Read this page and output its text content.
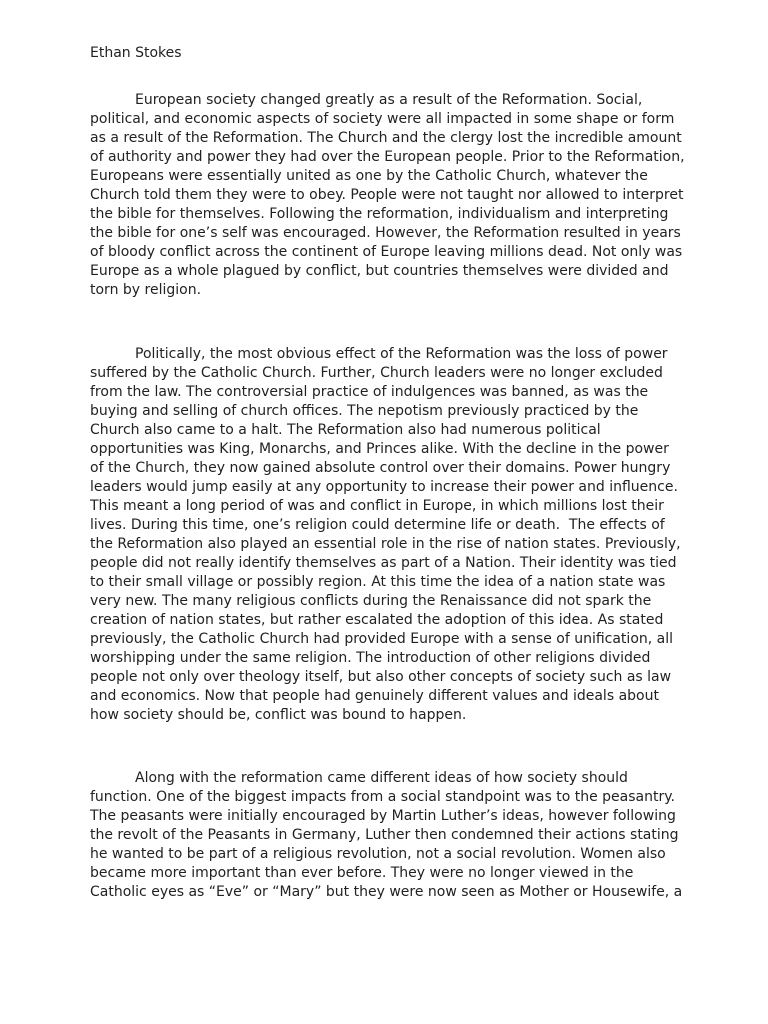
Ethan Stokes
European society changed greatly as a result of the Reformation. Social,
political, and economic aspects of society were all impacted in some shape or form
as a result of the Reformation. The Church and the clergy lost the incredible amount
of authority and power they had over the European people. Prior to the Reformation,
Europeans were essentially united as one by the Catholic Church, whatever the
Church told them they were to obey. People were not taught nor allowed to interpret
the bible for themselves. Following the reformation, individualism and interpreting
the bible for one’s self was encouraged. However, the Reformation resulted in years
of bloody conflict across the continent of Europe leaving millions dead. Not only was
Europe as a whole plagued by conflict, but countries themselves were divided and
torn by religion.
Politically, the most obvious effect of the Reformation was the loss of power
suffered by the Catholic Church. Further, Church leaders were no longer excluded
from the law. The controversial practice of indulgences was banned, as was the
buying and selling of church offices. The nepotism previously practiced by the
Church also came to a halt. The Reformation also had numerous political
opportunities was King, Monarchs, and Princes alike. With the decline in the power
of the Church, they now gained absolute control over their domains. Power hungry
leaders would jump easily at any opportunity to increase their power and influence.
This meant a long period of was and conflict in Europe, in which millions lost their
lives. During this time, one’s religion could determine life or death.  The effects of
the Reformation also played an essential role in the rise of nation states. Previously,
people did not really identify themselves as part of a Nation. Their identity was tied
to their small village or possibly region. At this time the idea of a nation state was
very new. The many religious conflicts during the Renaissance did not spark the
creation of nation states, but rather escalated the adoption of this idea. As stated
previously, the Catholic Church had provided Europe with a sense of unification, all
worshipping under the same religion. The introduction of other religions divided
people not only over theology itself, but also other concepts of society such as law
and economics. Now that people had genuinely different values and ideals about
how society should be, conflict was bound to happen.
Along with the reformation came different ideas of how society should
function. One of the biggest impacts from a social standpoint was to the peasantry.
The peasants were initially encouraged by Martin Luther’s ideas, however following
the revolt of the Peasants in Germany, Luther then condemned their actions stating
he wanted to be part of a religious revolution, not a social revolution. Women also
became more important than ever before. They were no longer viewed in the
Catholic eyes as “Eve” or “Mary” but they were now seen as Mother or Housewife, a
